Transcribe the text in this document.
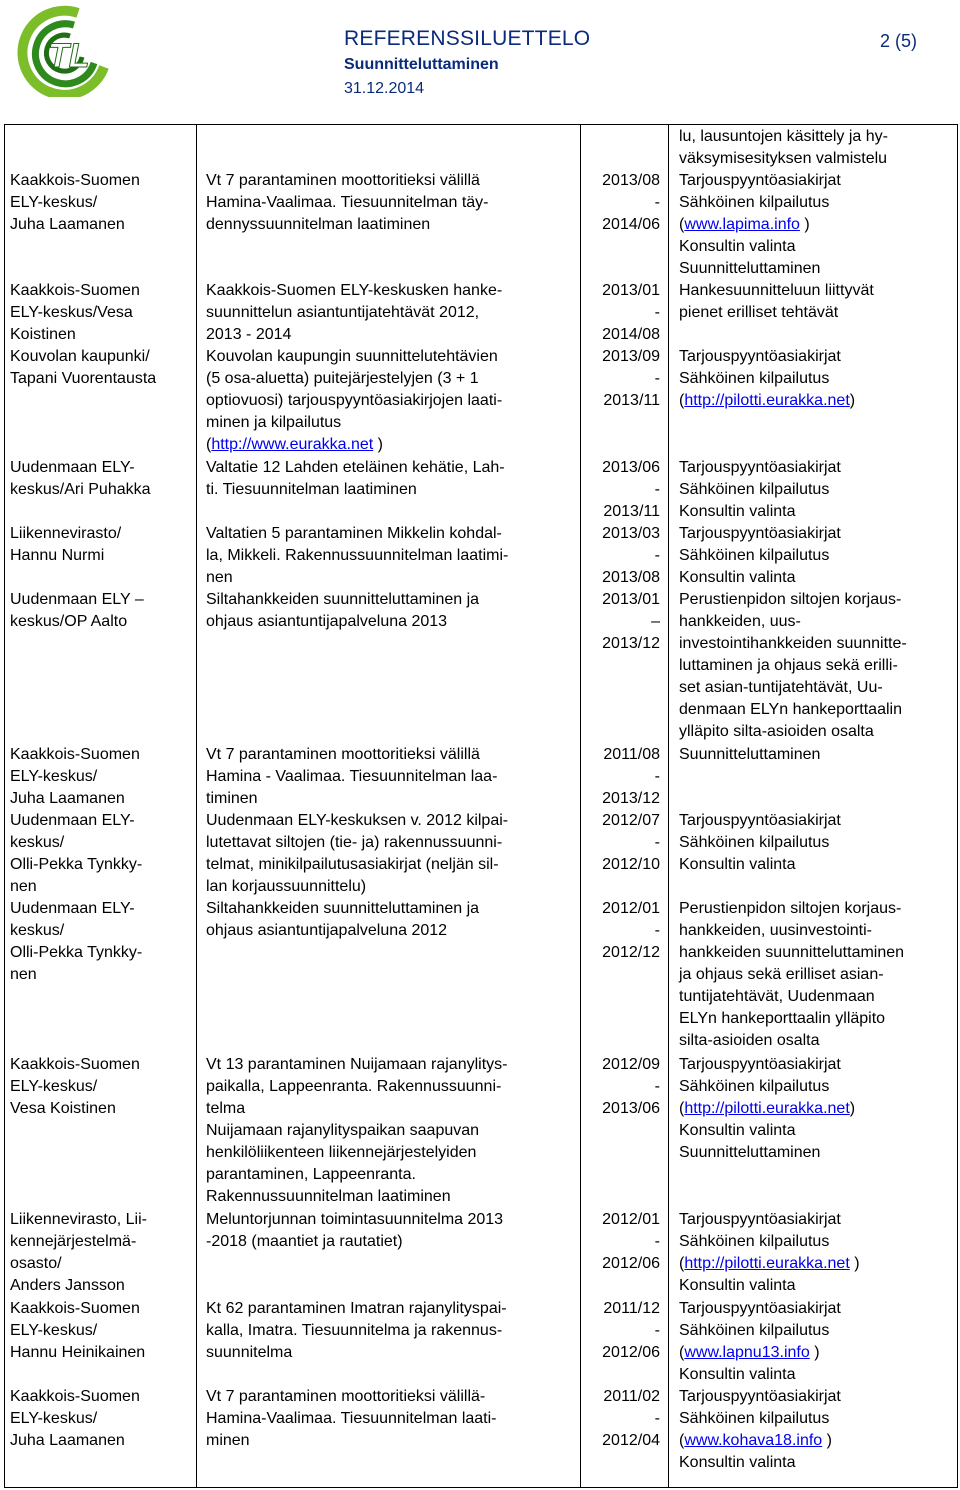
TL	REFERENSSILUETTELO
Suunnitteluttaminen
31.12.2014
2 (5)
Kaakkois-Suomen
ELY-keskus/
Juha Laamanen
Vt 7 parantaminen moottoritieksi välillä
Hamina-Vaalimaa. Tiesuunnitelman täy-
dennyssuunnitelman laatiminen
2013/08
-
2014/06
lu, lausuntojen käsittely ja hy-
väksymisesityksen valmistelu
Tarjouspyyntöasiakirjat
Sähköinen kilpailutus
(www.lapima.info )
Konsultin valinta
Suunnitteluttaminen
Kaakkois-Suomen
ELY-keskus/Vesa
Koistinen
Kaakkois-Suomen ELY-keskusken hanke-
suunnittelun asiantuntijatehtävät 2012,
2013 - 2014
2013/01
-
2014/08
Hankesuunnitteluun liittyvät
pienet erilliset tehtävät
Kouvolan kaupunki/
Tapani Vuorentausta
Kouvolan kaupungin suunnittelutehtävien
(5 osa-aluetta) puitejärjestelyjen (3 + 1
optiovuosi) tarjouspyyntöasiakirjojen laati-
minen ja kilpailutus
(http://www.eurakka.net )
2013/09
-
2013/11
Tarjouspyyntöasiakirjat
Sähköinen kilpailutus
(http://pilotti.eurakka.net)
Uudenmaan ELY-
keskus/Ari Puhakka
Valtatie 12 Lahden eteläinen kehätie, Lah-
ti. Tiesuunnitelman laatiminen
2013/06
-
2013/11
Tarjouspyyntöasiakirjat
Sähköinen kilpailutus
Konsultin valinta
Liikennevirasto/
Hannu Nurmi
Valtatien 5 parantaminen Mikkelin kohdal-
la, Mikkeli. Rakennussuunnitelman laatimi-
nen
2013/03
-
2013/08
Tarjouspyyntöasiakirjat
Sähköinen kilpailutus
Konsultin valinta
Uudenmaan ELY –
keskus/OP Aalto
Siltahankkeiden suunnitteluttaminen ja
ohjaus asiantuntijapalveluna 2013
2013/01
–
2013/12
Perustienpidon siltojen korjaus-
hankkeiden, uus-
investointihankkeiden suunnitte-
luttaminen ja ohjaus sekä erilli-
set asian-tuntijatehtävät, Uu-
denmaan ELYn hankeporttaalin
ylläpito silta-asioiden osalta
Kaakkois-Suomen
ELY-keskus/
Juha Laamanen
Vt 7 parantaminen moottoritieksi välillä
Hamina - Vaalimaa. Tiesuunnitelman laa-
timinen
2011/08
-
2013/12
Suunnitteluttaminen
Uudenmaan ELY-
keskus/
Olli-Pekka Tynkky-
nen
Uudenmaan ELY-keskuksen v. 2012 kilpai-
lutettavat siltojen (tie- ja) rakennussuunni-
telmat, minikilpailutusasiakirjat (neljän sil-
lan korjaussuunnittelu)
2012/07
-
2012/10
Tarjouspyyntöasiakirjat
Sähköinen kilpailutus
Konsultin valinta
Uudenmaan ELY-
keskus/
Olli-Pekka Tynkky-
nen
Siltahankkeiden suunnitteluttaminen ja
ohjaus asiantuntijapalveluna 2012
2012/01
-
2012/12
Perustienpidon siltojen korjaus-
hankkeiden, uusinvestointi-
hankkeiden suunnitteluttaminen
ja ohjaus sekä erilliset asian-
tuntijatehtävät, Uudenmaan
ELYn hankeporttaalin ylläpito
silta-asioiden osalta
Kaakkois-Suomen
ELY-keskus/
Vesa Koistinen
Vt 13 parantaminen Nuijamaan rajanylitys-
paikalla, Lappeenranta. Rakennussuunni-
telma
Nuijamaan rajanylityspaikan saapuvan
henkilöliikenteen liikennejärjestelyiden
parantaminen, Lappeenranta.
Rakennussuunnitelman laatiminen
2012/09
-
2013/06
Tarjouspyyntöasiakirjat
Sähköinen kilpailutus
(http://pilotti.eurakka.net)
Konsultin valinta
Suunnitteluttaminen
Liikennevirasto, Lii-
kennejärjestelmä-
osasto/
Anders Jansson
Meluntorjunnan toimintasuunnitelma 2013
-2018 (maantiet ja rautatiet)
2012/01
-
2012/06
Tarjouspyyntöasiakirjat
Sähköinen kilpailutus
(http://pilotti.eurakka.net )
Konsultin valinta
Kaakkois-Suomen
ELY-keskus/
Hannu Heinikainen
Kt 62 parantaminen Imatran rajanylityspai-
kalla, Imatra. Tiesuunnitelma ja rakennus-
suunnitelma
2011/12
-
2012/06
Tarjouspyyntöasiakirjat
Sähköinen kilpailutus
(www.lapnu13.info )
Konsultin valinta
Kaakkois-Suomen
ELY-keskus/
Juha Laamanen
Vt 7 parantaminen moottoritieksi välillä-
Hamina-Vaalimaa. Tiesuunnitelman laati-
minen
2011/02
-
2012/04
Tarjouspyyntöasiakirjat
Sähköinen kilpailutus
(www.kohava18.info )
Konsultin valinta
